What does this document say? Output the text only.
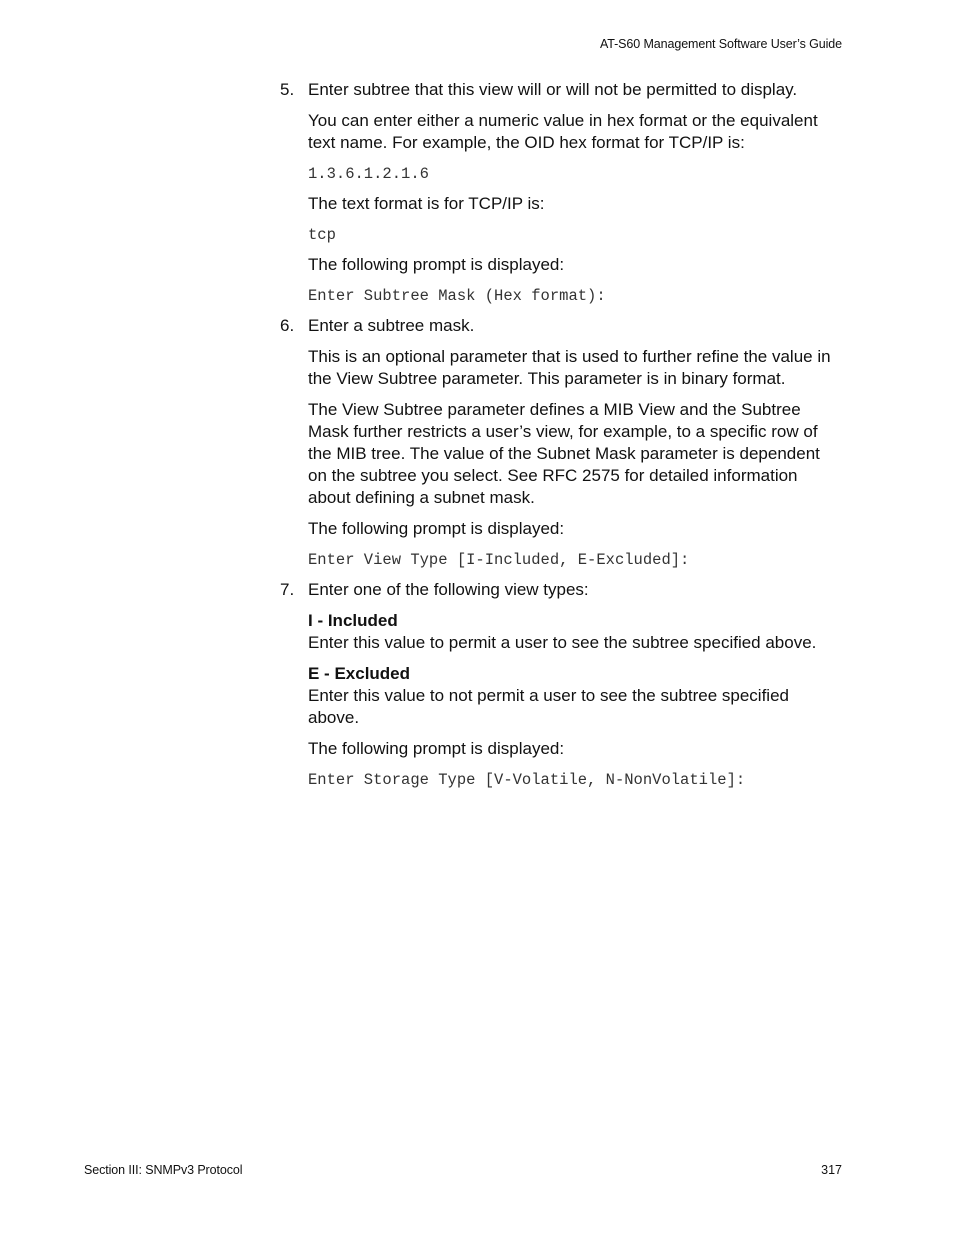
AT-S60 Management Software User’s Guide
5. Enter subtree that this view will or will not be permitted to display.

You can enter either a numeric value in hex format or the equivalent text name. For example, the OID hex format for TCP/IP is:

1.3.6.1.2.1.6

The text format is for TCP/IP is:

tcp

The following prompt is displayed:

Enter Subtree Mask (Hex format):
6. Enter a subtree mask.

This is an optional parameter that is used to further refine the value in the View Subtree parameter. This parameter is in binary format.

The View Subtree parameter defines a MIB View and the Subtree Mask further restricts a user’s view, for example, to a specific row of the MIB tree. The value of the Subnet Mask parameter is dependent on the subtree you select. See RFC 2575 for detailed information about defining a subnet mask.

The following prompt is displayed:

Enter View Type [I-Included, E-Excluded]:
7. Enter one of the following view types:

I - Included

Enter this value to permit a user to see the subtree specified above.

E - Excluded

Enter this value to not permit a user to see the subtree specified above.

The following prompt is displayed:

Enter Storage Type [V-Volatile, N-NonVolatile]:
Section III: SNMPv3 Protocol	317
